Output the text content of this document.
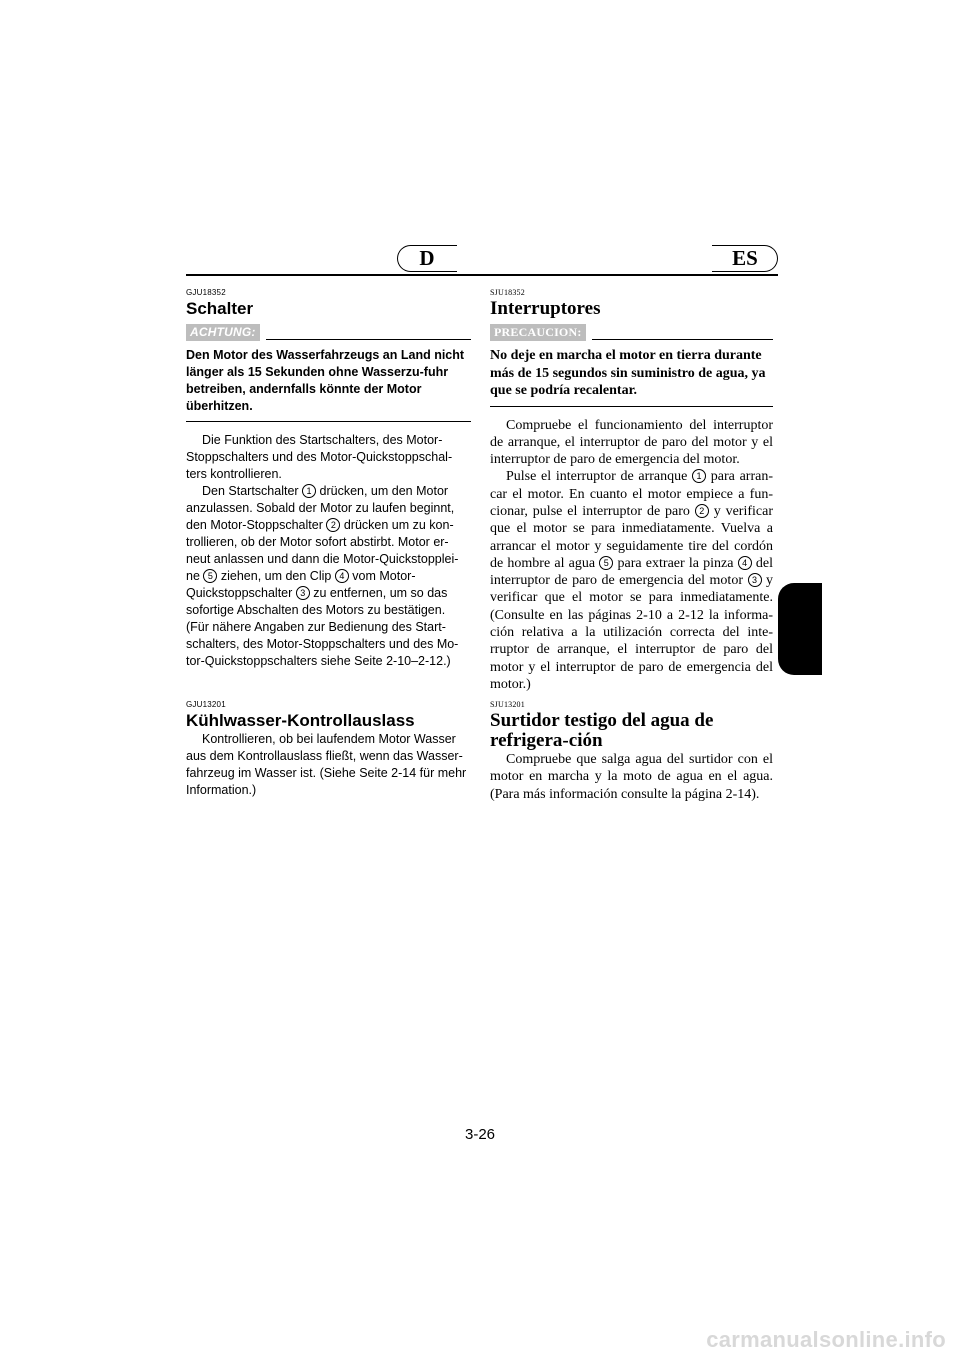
D	ES

GJU18352

Schalter
ACHTUNG:

Den Motor des Wasserfahrzeugs an Land nicht länger als 15 Sekunden ohne Wasserzu-fuhr betreiben, andernfalls könnte der Motor überhitzen.

Die Funktion des Startschalters, des Motor-Stoppschalters und des Motor-Quickstoppschal-ters kontrollieren.

Den Startschalter 1 drücken, um den Motor anzulassen. Sobald der Motor zu laufen beginnt, den Motor-Stoppschalter 2 drücken um zu kon-trollieren, ob der Motor sofort abstirbt. Motor er-neut anlassen und dann die Motor-Quickstopplei-ne 5 ziehen, um den Clip 4 vom Motor-Quickstoppschalter 3 zu entfernen, um so das sofortige Abschalten des Motors zu bestätigen. (Für nähere Angaben zur Bedienung des Start-schalters, des Motor-Stoppschalters und des Mo-tor-Quickstoppschalters siehe Seite 2-10–2-12.)

SJU18352

Interruptores
PRECAUCION:

No deje en marcha el motor en tierra durante más de 15 segundos sin suministro de agua, ya que se podría recalentar.

Compruebe el funcionamiento del interruptor de arranque, el interruptor de paro del motor y el interruptor de paro de emergencia del motor.

Pulse el interruptor de arranque 1 para arran-car el motor. En cuanto el motor empiece a fun-cionar, pulse el interruptor de paro 2 y verificar que el motor se para inmediatamente. Vuelva a arrancar el motor y seguidamente tire del cordón de hombre al agua 5 para extraer la pinza 4 del interruptor de paro de emergencia del motor 3 y verificar que el motor se para inmediatamente. (Consulte en las páginas 2-10 a 2-12 la informa-ción relativa a la utilización correcta del inte-rruptor de arranque, el interruptor de paro del motor y el interruptor de paro de emergencia del motor.)

GJU13201

Kühlwasser-Kontrollauslass

Kontrollieren, ob bei laufendem Motor Wasser aus dem Kontrollauslass fließt, wenn das Wasser-fahrzeug im Wasser ist. (Siehe Seite 2-14 für mehr Information.)

SJU13201

Surtidor testigo del agua de refrigera-ción

Compruebe que salga agua del surtidor con el motor en marcha y la moto de agua en el agua. (Para más información consulte la página 2-14).

3-26
carmanualsonline.info
